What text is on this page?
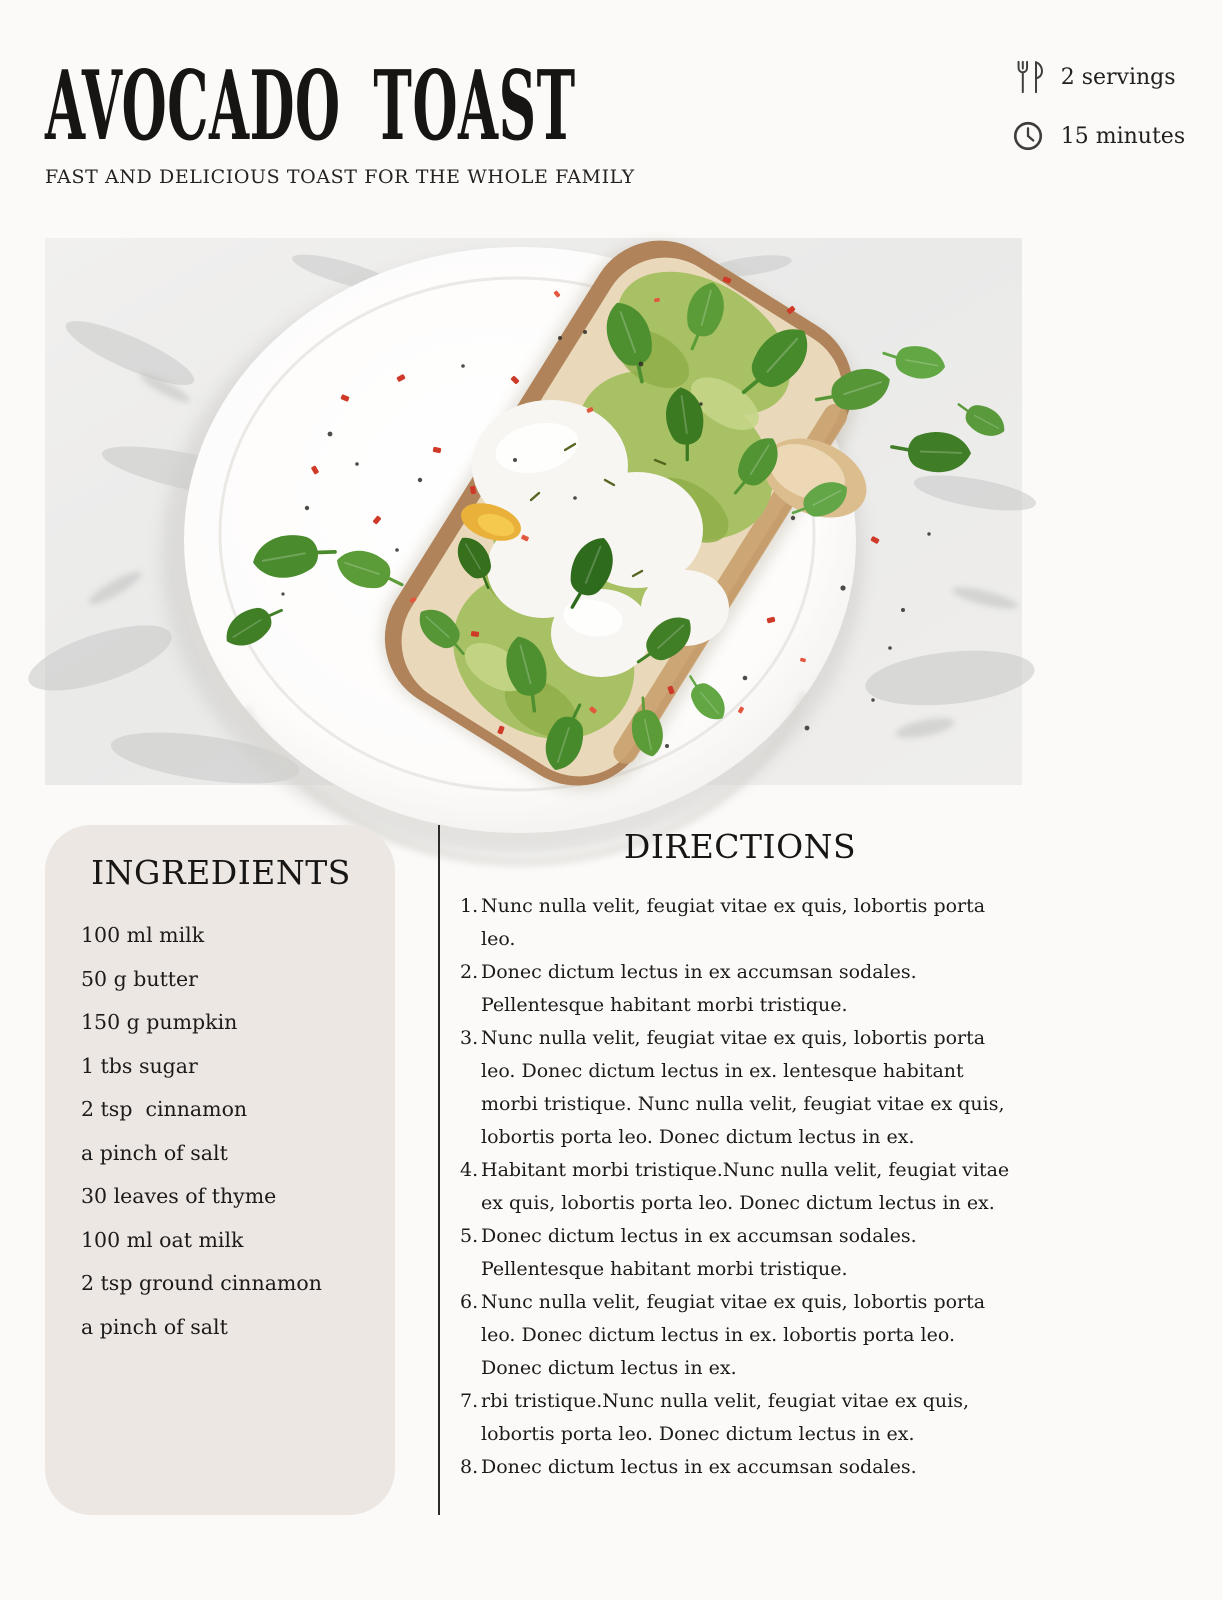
AVOCADO TOAST
FAST AND DELICIOUS TOAST FOR THE WHOLE FAMILY
2 servings
15 minutes
INGREDIENTS
100 ml milk
50 g butter
150 g pumpkin
1 tbs sugar
2 tsp  cinnamon
a pinch of salt
30 leaves of thyme
100 ml oat milk
2 tsp ground cinnamon
a pinch of salt
DIRECTIONS
1. Nunc nulla velit, feugiat vitae ex quis, lobortis porta leo.
2. Donec dictum lectus in ex accumsan sodales. Pellentesque habitant morbi tristique.
3. Nunc nulla velit, feugiat vitae ex quis, lobortis porta leo. Donec dictum lectus in ex. lentesque habitant morbi tristique. Nunc nulla velit, feugiat vitae ex quis, lobortis porta leo. Donec dictum lectus in ex.
4. Habitant morbi tristique.Nunc nulla velit, feugiat vitae ex quis, lobortis porta leo. Donec dictum lectus in ex.
5. Donec dictum lectus in ex accumsan sodales. Pellentesque habitant morbi tristique.
6. Nunc nulla velit, feugiat vitae ex quis, lobortis porta leo. Donec dictum lectus in ex. lobortis porta leo. Donec dictum lectus in ex.
7. rbi tristique.Nunc nulla velit, feugiat vitae ex quis, lobortis porta leo. Donec dictum lectus in ex.
8. Donec dictum lectus in ex accumsan sodales.
